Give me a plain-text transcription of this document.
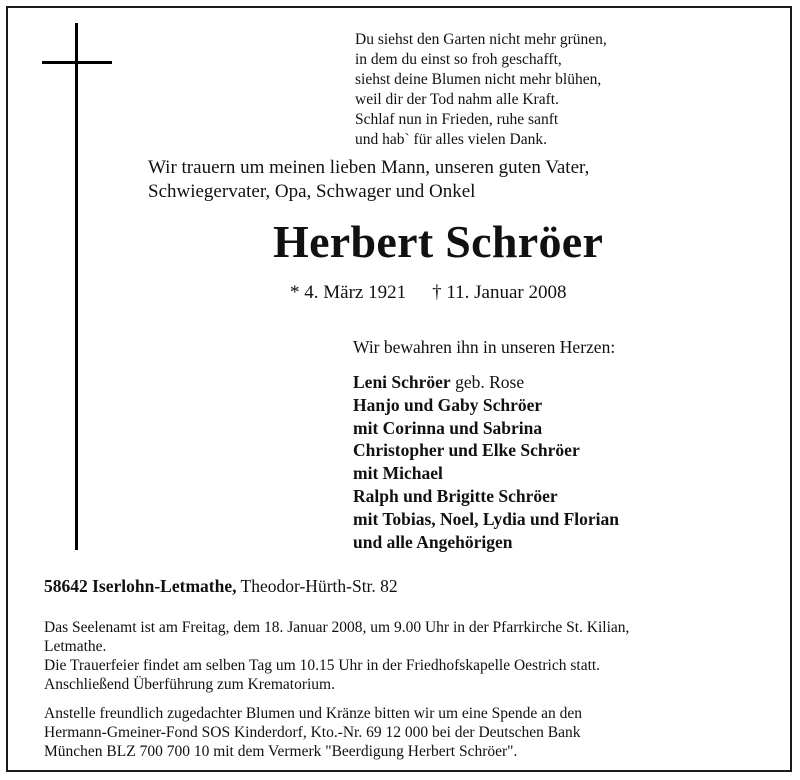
Du siehst den Garten nicht mehr grünen,
in dem du einst so froh geschafft,
siehst deine Blumen nicht mehr blühen,
weil dir der Tod nahm alle Kraft.
Schlaf nun in Frieden, ruhe sanft
und hab` für alles vielen Dank.
Wir trauern um meinen lieben Mann, unseren guten Vater,
Schwiegervater, Opa, Schwager und Onkel
Herbert Schröer
* 4. März 1921 † 11. Januar 2008
Wir bewahren ihn in unseren Herzen:
Leni Schröer geb. Rose
Hanjo und Gaby Schröer
mit Corinna und Sabrina
Christopher und Elke Schröer
mit Michael
Ralph und Brigitte Schröer
mit Tobias, Noel, Lydia und Florian
und alle Angehörigen
58642 Iserlohn-Letmathe, Theodor-Hürth-Str. 82
Das Seelenamt ist am Freitag, dem 18. Januar 2008, um 9.00 Uhr in der Pfarrkirche St. Kilian,
Letmathe.
Die Trauerfeier findet am selben Tag um 10.15 Uhr in der Friedhofskapelle Oestrich statt.
Anschließend Überführung zum Krematorium.
Anstelle freundlich zugedachter Blumen und Kränze bitten wir um eine Spende an den
Hermann-Gmeiner-Fond SOS Kinderdorf, Kto.-Nr. 69 12 000 bei der Deutschen Bank
München BLZ 700 700 10 mit dem Vermerk "Beerdigung Herbert Schröer".
